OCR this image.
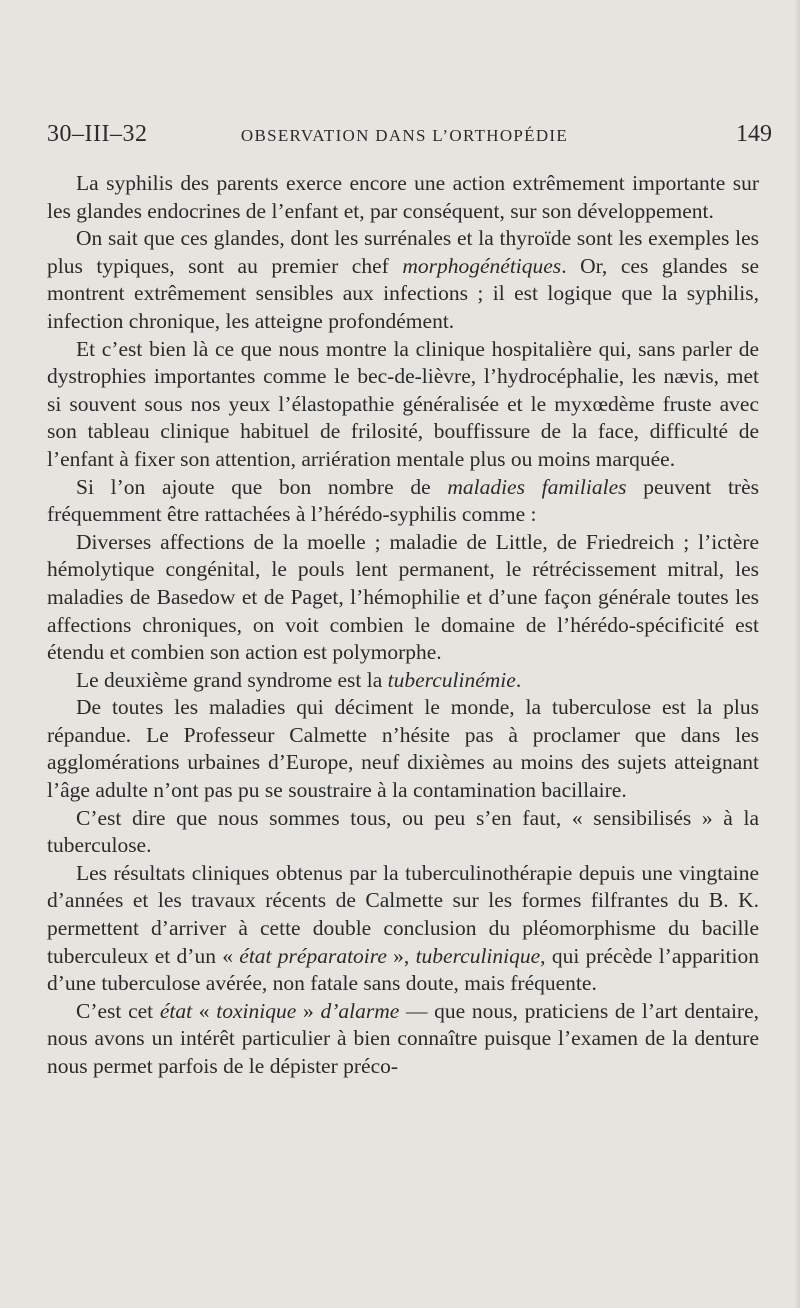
30–III–32	OBSERVATION DANS L’ORTHOPÉDIE	149

La syphilis des parents exerce encore une action extrêmement importante sur les glandes endocrines de l’enfant et, par conséquent, sur son développement.

On sait que ces glandes, dont les surrénales et la thyroïde sont les exemples les plus typiques, sont au premier chef morphogénétiques. Or, ces glandes se montrent extrêmement sensibles aux infections ; il est logique que la syphilis, infection chronique, les atteigne profondément.

Et c’est bien là ce que nous montre la clinique hospitalière qui, sans parler de dystrophies importantes comme le bec-de-lièvre, l’hydrocéphalie, les nævis, met si souvent sous nos yeux l’élastopathie généralisée et le myxœdème fruste avec son tableau clinique habituel de frilosité, bouffissure de la face, difficulté de l’enfant à fixer son attention, arriération mentale plus ou moins marquée.

Si l’on ajoute que bon nombre de maladies familiales peuvent très fréquemment être rattachées à l’hérédo-syphilis comme :

Diverses affections de la moelle ; maladie de Little, de Friedreich ; l’ictère hémolytique congénital, le pouls lent permanent, le rétrécissement mitral, les maladies de Basedow et de Paget, l’hémophilie et d’une façon générale toutes les affections chroniques, on voit combien le domaine de l’hérédo-spécificité est étendu et combien son action est polymorphe.

Le deuxième grand syndrome est la tuberculinémie.

De toutes les maladies qui déciment le monde, la tuberculose est la plus répandue. Le Professeur Calmette n’hésite pas à proclamer que dans les agglomérations urbaines d’Europe, neuf dixièmes au moins des sujets atteignant l’âge adulte n’ont pas pu se soustraire à la contamination bacillaire.

C’est dire que nous sommes tous, ou peu s’en faut, « sensibilisés » à la tuberculose.

Les résultats cliniques obtenus par la tuberculinothérapie depuis une vingtaine d’années et les travaux récents de Calmette sur les formes filfrantes du B. K. permettent d’arriver à cette double conclusion du pléomorphisme du bacille tuberculeux et d’un « état préparatoire », tuberculinique, qui précède l’apparition d’une tuberculose avérée, non fatale sans doute, mais fréquente.

C’est cet état « toxinique » d’alarme — que nous, praticiens de l’art dentaire, nous avons un intérêt particulier à bien connaître puisque l’examen de la denture nous permet parfois de le dépister préco-
